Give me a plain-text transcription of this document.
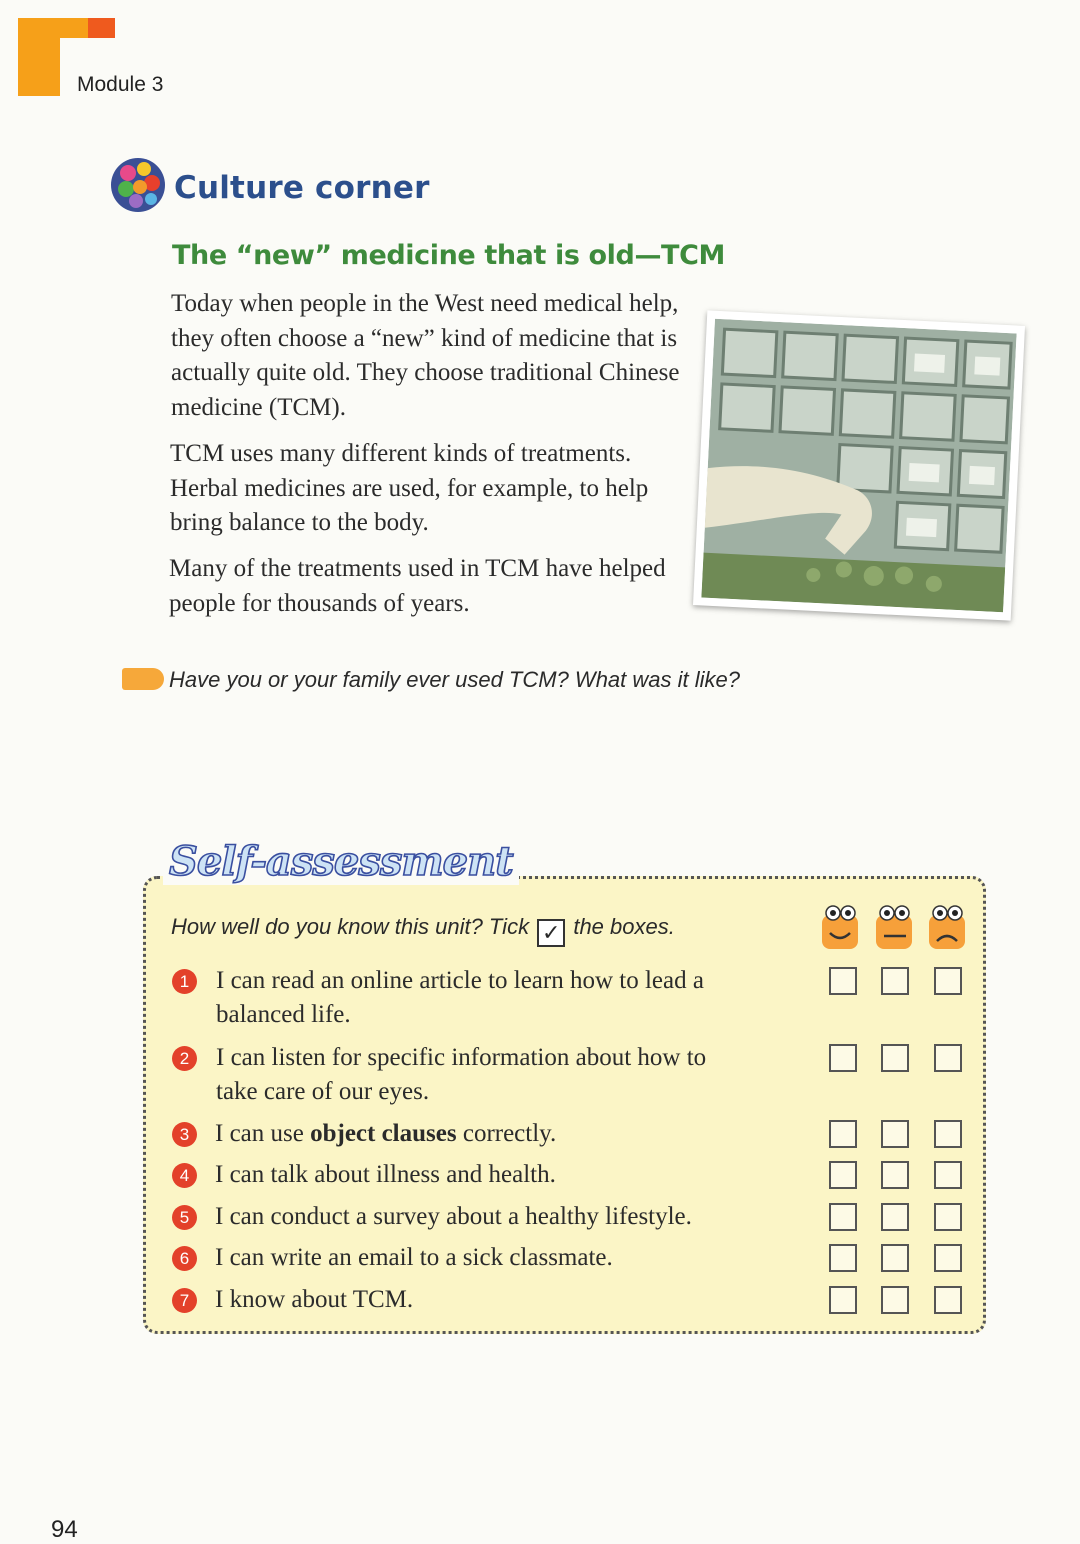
Module 3
Culture corner
The “new” medicine that is old—TCM
Today when people in the West need medical help, they often choose a “new” kind of medicine that is actually quite old. They choose traditional Chinese medicine (TCM).
TCM uses many different kinds of treatments. Herbal medicines are used, for example, to help bring balance to the body.
Many of the treatments used in TCM have helped people for thousands of years.
Have you or your family ever used TCM? What was it like?
Self-assessment
How well do you know this unit? Tick ✓ the boxes.
1	I can read an online article to learn how to lead a
balanced life.
2	I can listen for specific information about how to
take care of our eyes.
3	I can use object clauses correctly.
4	I can talk about illness and health.
5	I can conduct a survey about a healthy lifestyle.
6	I can write an email to a sick classmate.
7	I know about TCM.
94
